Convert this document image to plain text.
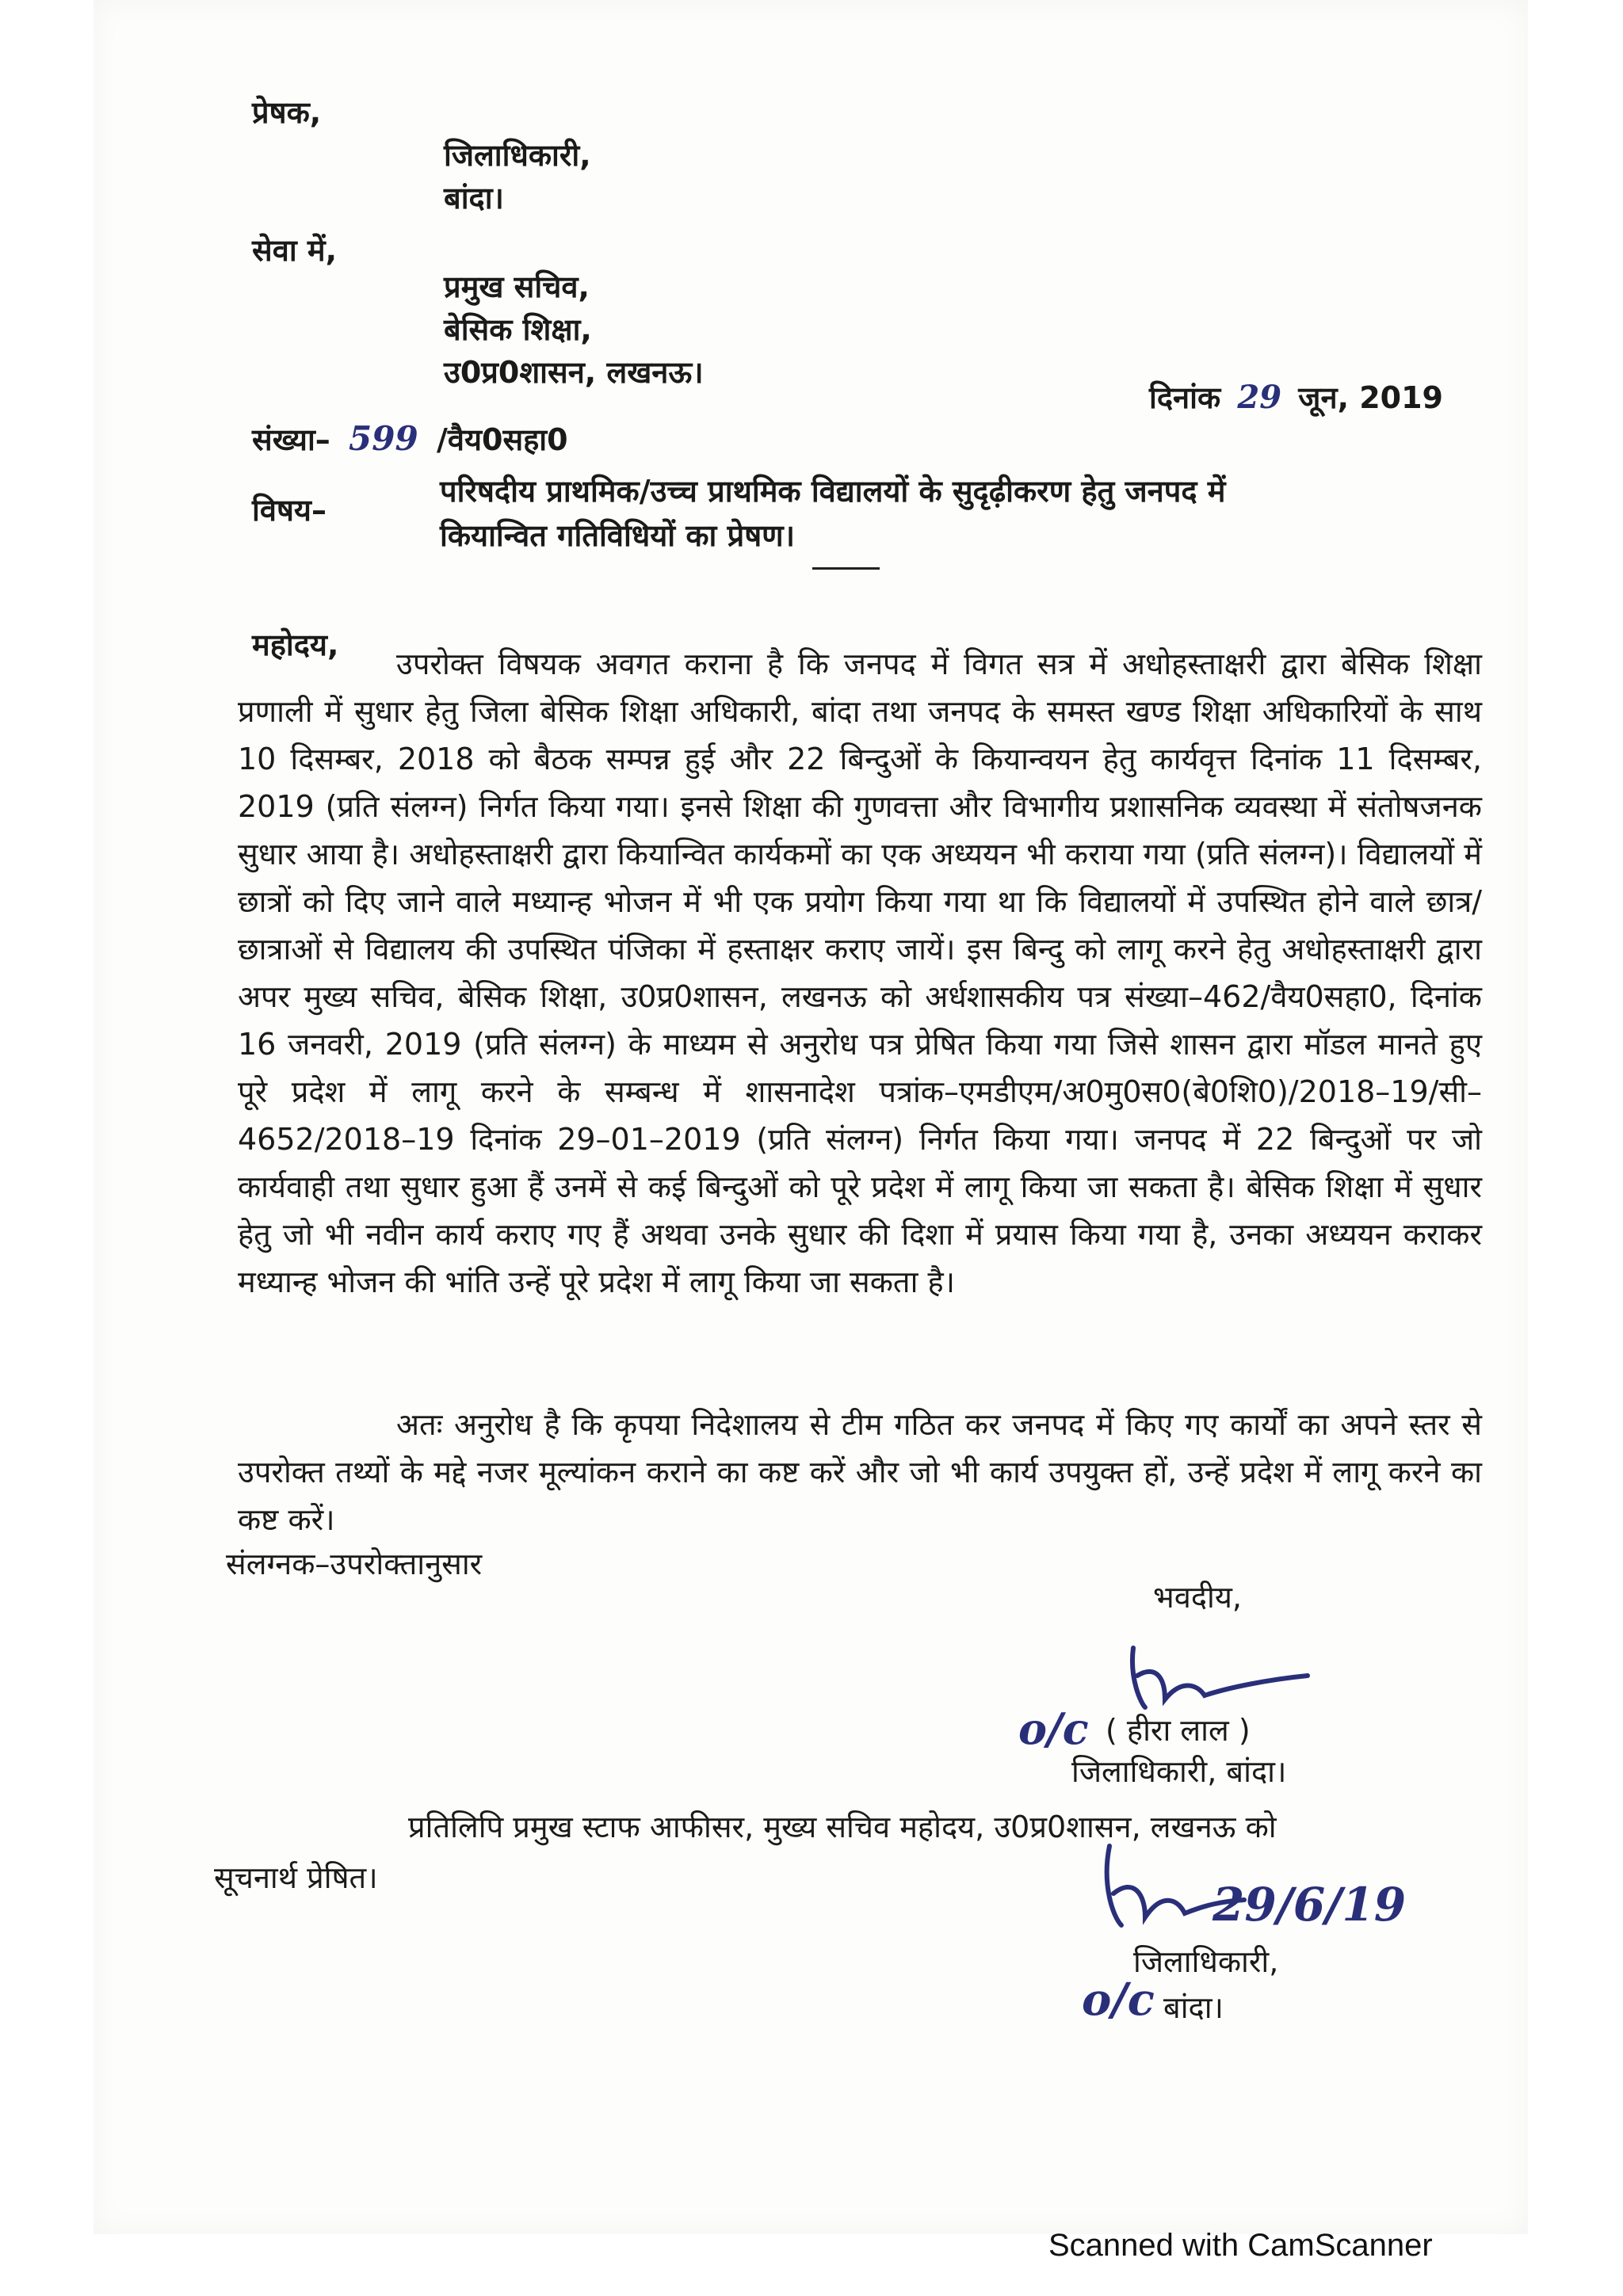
प्रेषक,
जिलाधिकारी,
बांदा।
सेवा में,
प्रमुख सचिव,
बेसिक शिक्षा,
उ0प्र0शासन, लखनऊ।
दिनांक 29 जून, 2019
संख्या– 599 /वैय0सहा0
विषय–
परिषदीय प्राथमिक/उच्च प्राथमिक विद्यालयों के सुदृढ़ीकरण हेतु जनपद में
कियान्वित गतिविधियों का प्रेषण।
महोदय,
उपरोक्त विषयक अवगत कराना है कि जनपद में विगत सत्र में अधोहस्ताक्षरी द्वारा बेसिक शिक्षा प्रणाली में सुधार हेतु जिला बेसिक शिक्षा अधिकारी, बांदा तथा जनपद के समस्त खण्ड शिक्षा अधिकारियों के साथ 10 दिसम्बर, 2018 को बैठक सम्पन्न हुई और 22 बिन्दुओं के कियान्वयन हेतु कार्यवृत्त दिनांक 11 दिसम्बर, 2019 (प्रति संलग्न) निर्गत किया गया। इनसे शिक्षा की गुणवत्ता और विभागीय प्रशासनिक व्यवस्था में संतोषजनक सुधार आया है। अधोहस्ताक्षरी द्वारा कियान्वित कार्यकमों का एक अध्ययन भी कराया गया (प्रति संलग्न)। विद्यालयों में छात्रों को दिए जाने वाले मध्यान्ह भोजन में भी एक प्रयोग किया गया था कि विद्यालयों में उपस्थित होने वाले छात्र/छात्राओं से विद्यालय की उपस्थित पंजिका में हस्ताक्षर कराए जायें। इस बिन्दु को लागू करने हेतु अधोहस्ताक्षरी द्वारा अपर मुख्य सचिव, बेसिक शिक्षा, उ0प्र0शासन, लखनऊ को अर्धशासकीय पत्र संख्या–462/वैय0सहा0, दिनांक 16 जनवरी, 2019 (प्रति संलग्न) के माध्यम से अनुरोध पत्र प्रेषित किया गया जिसे शासन द्वारा मॉडल मानते हुए पूरे प्रदेश में लागू करने के सम्बन्ध में शासनादेश पत्रांक–एमडीएम/अ0मु0स0(बे0शि0)/2018–19/सी–4652/2018–19 दिनांक 29–01–2019 (प्रति संलग्न) निर्गत किया गया। जनपद में 22 बिन्दुओं पर जो कार्यवाही तथा सुधार हुआ हैं उनमें से कई बिन्दुओं को पूरे प्रदेश में लागू किया जा सकता है। बेसिक शिक्षा में सुधार हेतु जो भी नवीन कार्य कराए गए हैं अथवा उनके सुधार की दिशा में प्रयास किया गया है, उनका अध्ययन कराकर मध्यान्ह भोजन की भांति उन्हें पूरे प्रदेश में लागू किया जा सकता है।
अतः अनुरोध है कि कृपया निदेशालय से टीम गठित कर जनपद में किए गए कार्यों का अपने स्तर से उपरोक्त तथ्यों के मद्दे नजर मूल्यांकन कराने का कष्ट करें और जो भी कार्य उपयुक्त हों, उन्हें प्रदेश में लागू करने का कष्ट करें।
संलग्नक–उपरोक्तानुसार
भवदीय,
o/c ( हीरा लाल )
जिलाधिकारी, बांदा।
प्रतिलिपि प्रमुख स्टाफ आफीसर, मुख्य सचिव महोदय, उ0प्र0शासन, लखनऊ को
सूचनार्थ प्रेषित।	29/6/19
जिलाधिकारी,
o/c बांदा।
Scanned with CamScanner
